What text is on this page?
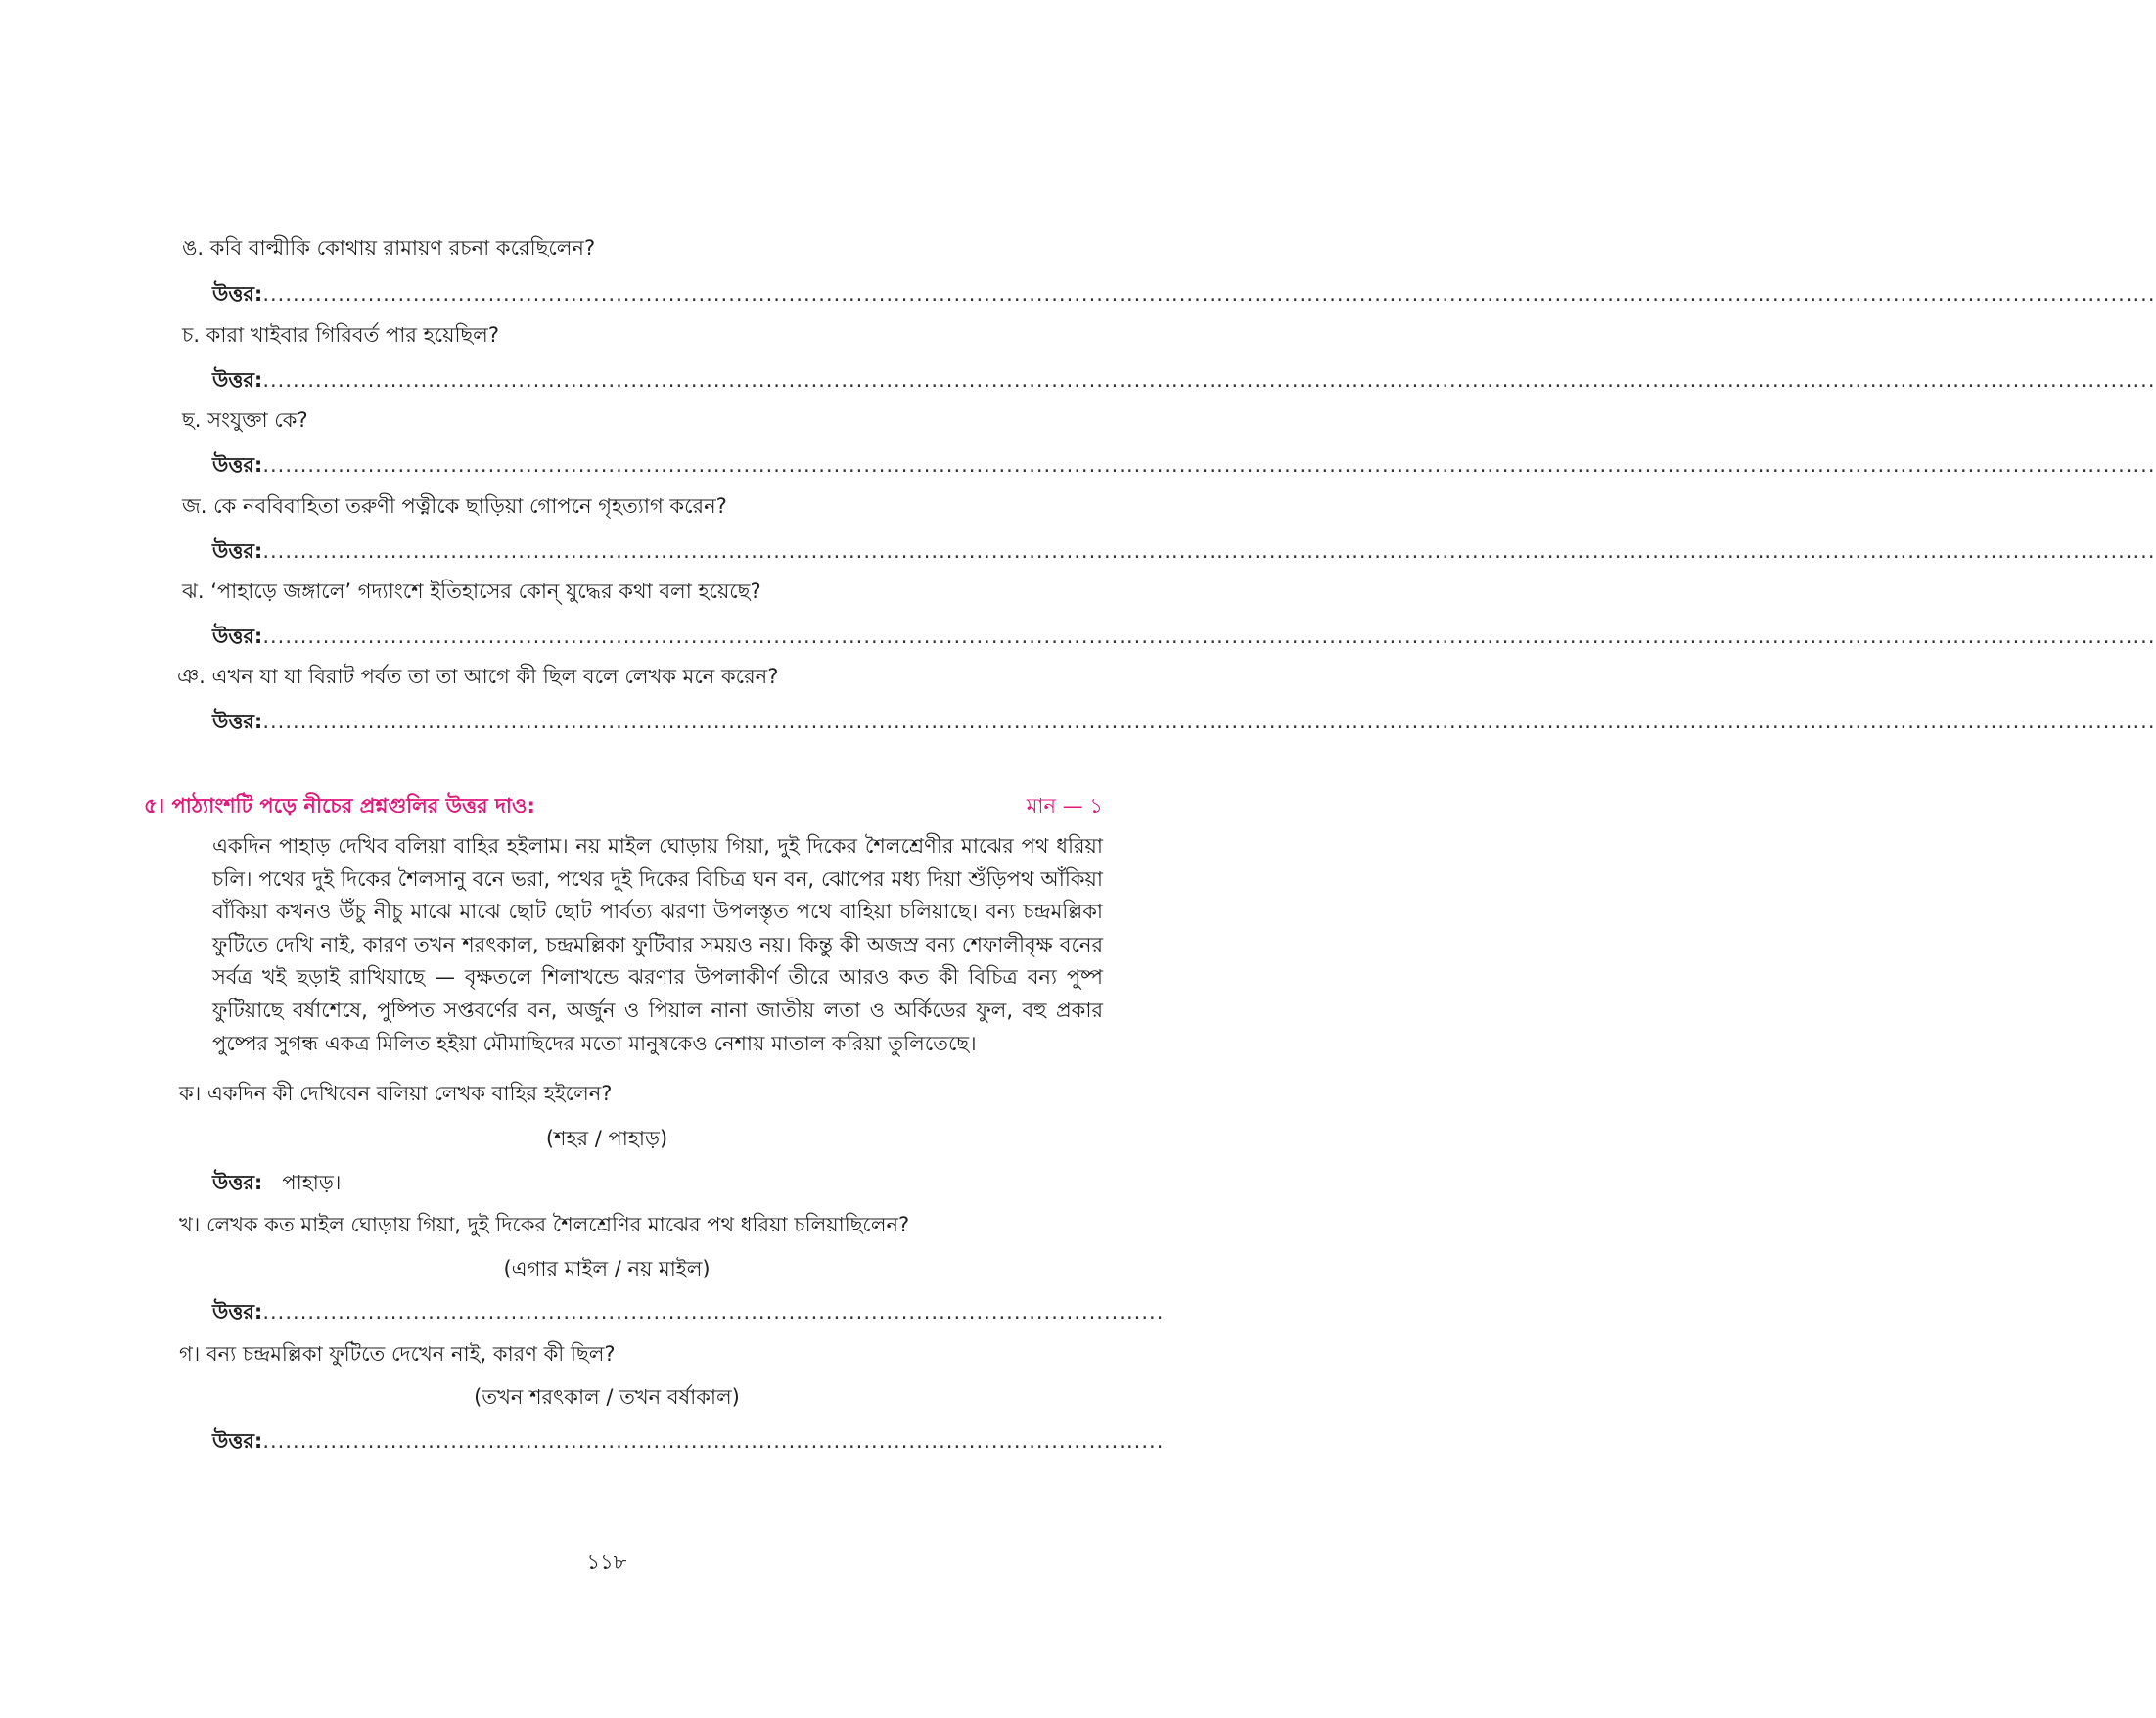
ঙ. কবি বাল্মীকি কোথায় রামায়ণ রচনা করেছিলেন?
উত্তর:............................................................................................................................................................................................................................................................
চ. কারা খাইবার গিরিবর্ত পার হয়েছিল?
উত্তর:............................................................................................................................................................................................................................................................
ছ. সংযুক্তা কে?
উত্তর:............................................................................................................................................................................................................................................................
জ. কে নববিবাহিতা তরুণী পত্নীকে ছাড়িয়া গোপনে গৃহত্যাগ করেন?
উত্তর:............................................................................................................................................................................................................................................................
ঝ. ‘পাহাড়ে জঙ্গালে’ গদ্যাংশে ইতিহাসের কোন্ যুদ্ধের কথা বলা হয়েছে?
উত্তর:............................................................................................................................................................................................................................................................
ঞ. এখন যা যা বিরাট পর্বত তা তা আগে কী ছিল বলে লেখক মনে করেন?
উত্তর:............................................................................................................................................................................................................................................................
৫। পাঠ্যাংশটি পড়ে নীচের প্রশ্নগুলির উত্তর দাও:	মান — ১
একদিন পাহাড় দেখিব বলিয়া বাহির হইলাম। নয় মাইল ঘোড়ায় গিয়া, দুই দিকের শৈলশ্রেণীর মাঝের পথ ধরিয়া চলি। পথের দুই দিকের শৈলসানু বনে ভরা, পথের দুই দিকের বিচিত্র ঘন বন, ঝোপের মধ্য দিয়া শুঁড়িপথ আঁকিয়া বাঁকিয়া কখনও উঁচু নীচু মাঝে মাঝে ছোট ছোট পার্বত্য ঝরণা উপলস্তৃত পথে বাহিয়া চলিয়াছে। বন্য চন্দ্রমল্লিকা ফুটিতে দেখি নাই, কারণ তখন শরৎকাল, চন্দ্রমল্লিকা ফুটিবার সময়ও নয়। কিন্তু কী অজস্র বন্য শেফালীবৃক্ষ বনের সর্বত্র খই ছড়াই রাখিয়াছে — বৃক্ষতলে শিলাখন্ডে ঝরণার উপলাকীর্ণ তীরে আরও কত কী বিচিত্র বন্য পুষ্প ফুটিয়াছে বর্ষাশেষে, পুষ্পিত সপ্তবর্ণের বন, অর্জুন ও পিয়াল নানা জাতীয় লতা ও অর্কিডের ফুল, বহু প্রকার পুষ্পের সুগন্ধ একত্র মিলিত হইয়া মৌমাছিদের মতো মানুষকেও নেশায় মাতাল করিয়া তুলিতেছে।
ক। একদিন কী দেখিবেন বলিয়া লেখক বাহির হইলেন?
(শহর / পাহাড়)
উত্তর: পাহাড়।
খ। লেখক কত মাইল ঘোড়ায় গিয়া, দুই দিকের শৈলশ্রেণির মাঝের পথ ধরিয়া চলিয়াছিলেন?
(এগার মাইল / নয় মাইল)
উত্তর:........................................................................................................................
গ। বন্য চন্দ্রমল্লিকা ফুটিতে দেখেন নাই, কারণ কী ছিল?
(তখন শরৎকাল / তখন বর্ষাকাল)
উত্তর:........................................................................................................................
১১৮
